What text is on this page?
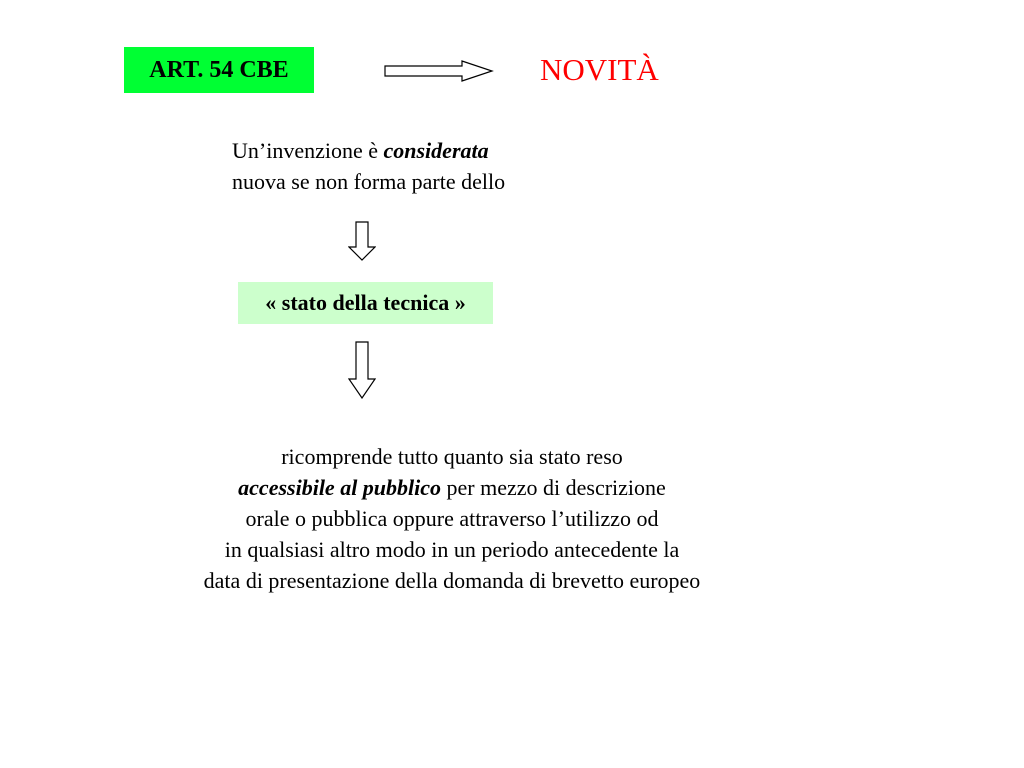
ART. 54 CBE	NOVITÀ
Un’invenzione è considerata
nuova se non forma parte dello
« stato della tecnica »
ricomprende tutto quanto sia stato reso
accessibile al pubblico per mezzo di descrizione
orale o pubblica oppure attraverso l’utilizzo od
in qualsiasi altro modo in un periodo antecedente la
data di presentazione della domanda di brevetto europeo
